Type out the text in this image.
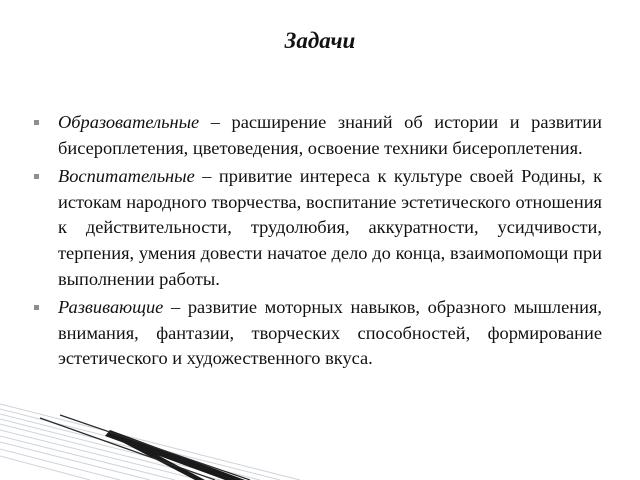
Задачи
Образовательные – расширение знаний об истории и развитии бисероплетения, цветоведения, освоение техники бисероплетения.
Воспитательные – привитие интереса к культуре своей Родины, к истокам народного творчества, воспитание эстетического отношения к действительности, трудолюбия, аккуратности, усидчивости, терпения, умения довести начатое дело до конца, взаимопомощи при выполнении работы.
Развивающие – развитие моторных навыков, образного мышления, внимания, фантазии, творческих способностей, формирование эстетического и художественного вкуса.
